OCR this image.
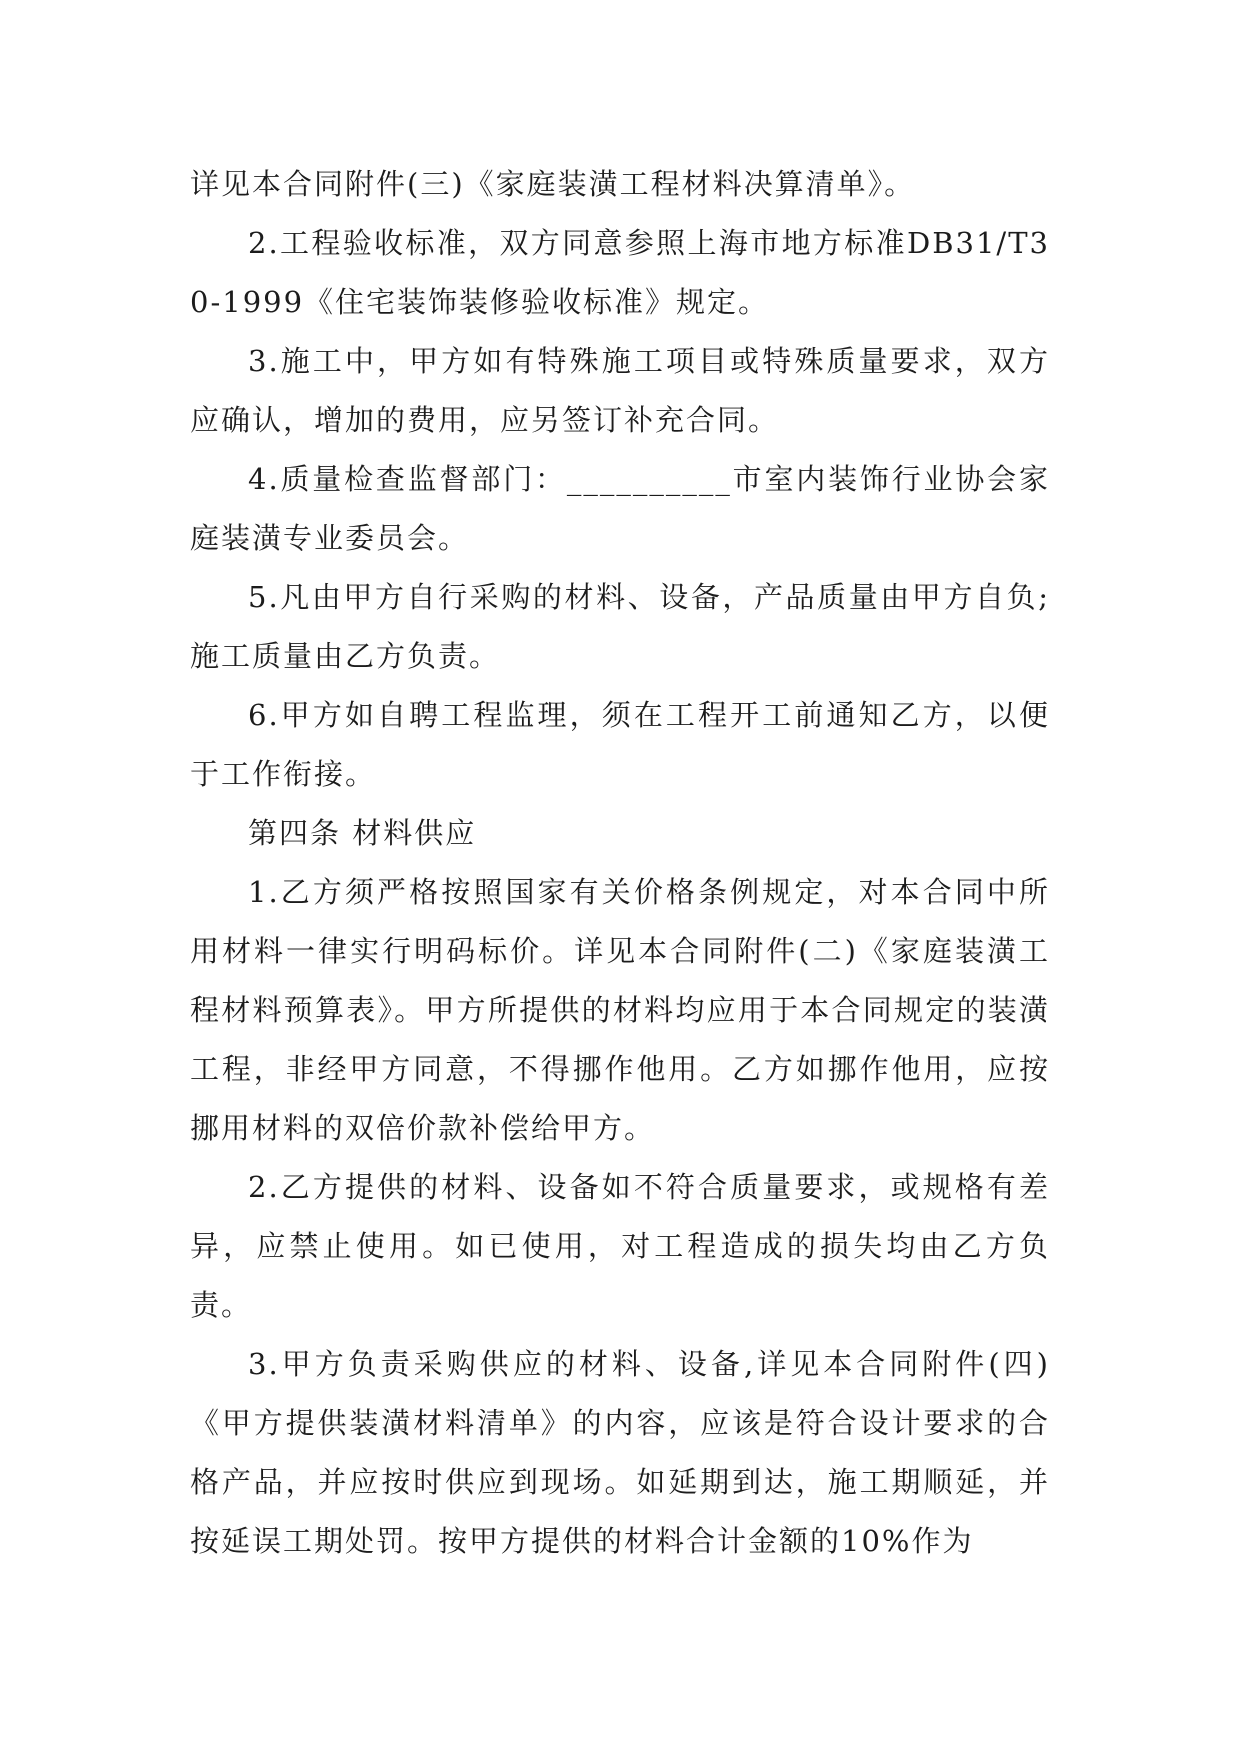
详见本合同附件(三)《家庭装潢工程材料决算清单》。

2.工程验收标准，双方同意参照上海市地方标准DB31/T30-1999《住宅装饰装修验收标准》规定。

3.施工中，甲方如有特殊施工项目或特殊质量要求，双方应确认，增加的费用，应另签订补充合同。

4.质量检查监督部门：__________市室内装饰行业协会家庭装潢专业委员会。

5.凡由甲方自行采购的材料、设备，产品质量由甲方自负;施工质量由乙方负责。

6.甲方如自聘工程监理，须在工程开工前通知乙方，以便于工作衔接。

第四条 材料供应

1.乙方须严格按照国家有关价格条例规定，对本合同中所用材料一律实行明码标价。详见本合同附件(二)《家庭装潢工程材料预算表》。甲方所提供的材料均应用于本合同规定的装潢工程，非经甲方同意，不得挪作他用。乙方如挪作他用，应按挪用材料的双倍价款补偿给甲方。

2.乙方提供的材料、设备如不符合质量要求，或规格有差异，应禁止使用。如已使用，对工程造成的损失均由乙方负责。

3.甲方负责采购供应的材料、设备,详见本合同附件(四)《甲方提供装潢材料清单》的内容，应该是符合设计要求的合格产品，并应按时供应到现场。如延期到达，施工期顺延，并按延误工期处罚。按甲方提供的材料合计金额的10%作为
